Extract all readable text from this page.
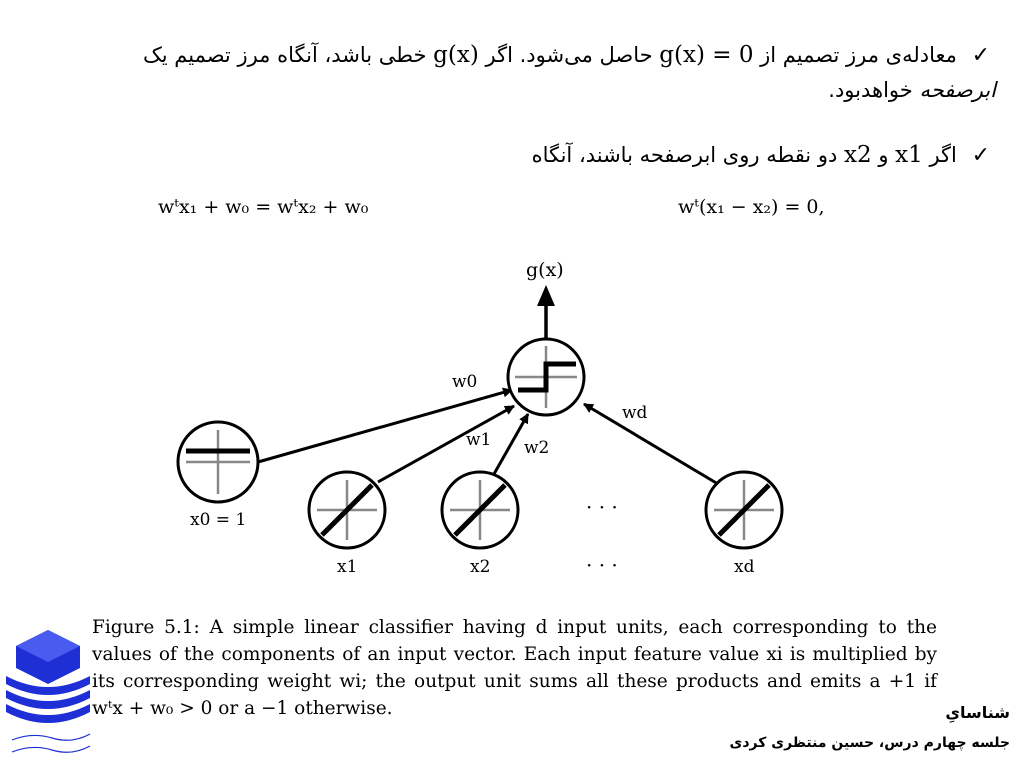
✓ معادله‌ی مرز تصمیم از g(x) = 0 حاصل می‌شود. اگر g(x) خطی باشد، آنگاه مرز تصمیم یک
ابرصفحه خواهدبود.
✓ اگر x1 و x2 دو نقطه روی ابرصفحه باشند، آنگاه
wᵗx₁ + w₀ = wᵗx₂ + w₀	wᵗ(x₁ − x₂) = 0,
g(x)
w0
w1 w2
wd
x0 = 1
x1	x2	xd
· · ·
· · ·
Figure 5.1: A simple linear classifier having d input units, each corresponding to the values of the components of an input vector. Each input feature value xi is multiplied by its corresponding weight wi; the output unit sums all these products and emits a +1 if wᵗx + w₀ > 0 or a −1 otherwise.	شناسایِ
جلسه چهارم درس، حسین منتظری کردی
